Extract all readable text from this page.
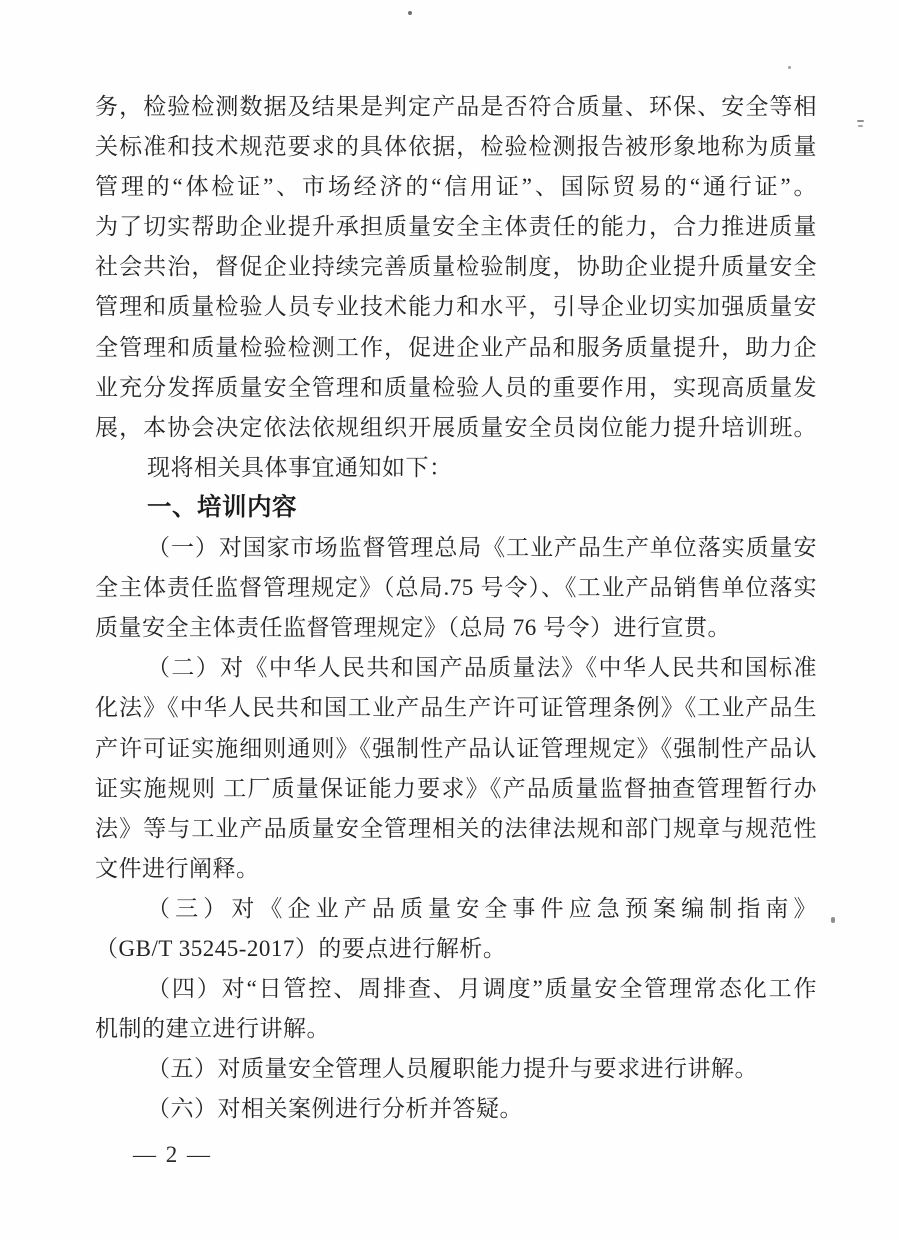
务，检验检测数据及结果是判定产品是否符合质量、环保、安全等相
关标准和技术规范要求的具体依据，检验检测报告被形象地称为质量
管理的“体检证”、市场经济的“信用证”、国际贸易的“通行证”。
为了切实帮助企业提升承担质量安全主体责任的能力，合力推进质量
社会共治，督促企业持续完善质量检验制度，协助企业提升质量安全
管理和质量检验人员专业技术能力和水平，引导企业切实加强质量安
全管理和质量检验检测工作，促进企业产品和服务质量提升，助力企
业充分发挥质量安全管理和质量检验人员的重要作用，实现高质量发
展，本协会决定依法依规组织开展质量安全员岗位能力提升培训班。
现将相关具体事宜通知如下：
一、培训内容
（一）对国家市场监督管理总局《工业产品生产单位落实质量安
全主体责任监督管理规定》（总局.75 号令）、《工业产品销售单位落实
质量安全主体责任监督管理规定》（总局 76 号令）进行宣贯。
（二）对《中华人民共和国产品质量法》《中华人民共和国标准
化法》《中华人民共和国工业产品生产许可证管理条例》《工业产品生
产许可证实施细则通则》《强制性产品认证管理规定》《强制性产品认
证实施规则 工厂质量保证能力要求》《产品质量监督抽查管理暂行办
法》等与工业产品质量安全管理相关的法律法规和部门规章与规范性
文件进行阐释。
（三）对《企业产品质量安全事件应急预案编制指南》
（GB/T 35245-2017）的要点进行解析。
（四）对“日管控、周排查、月调度”质量安全管理常态化工作
机制的建立进行讲解。
（五）对质量安全管理人员履职能力提升与要求进行讲解。
（六）对相关案例进行分析并答疑。
— 2 —
